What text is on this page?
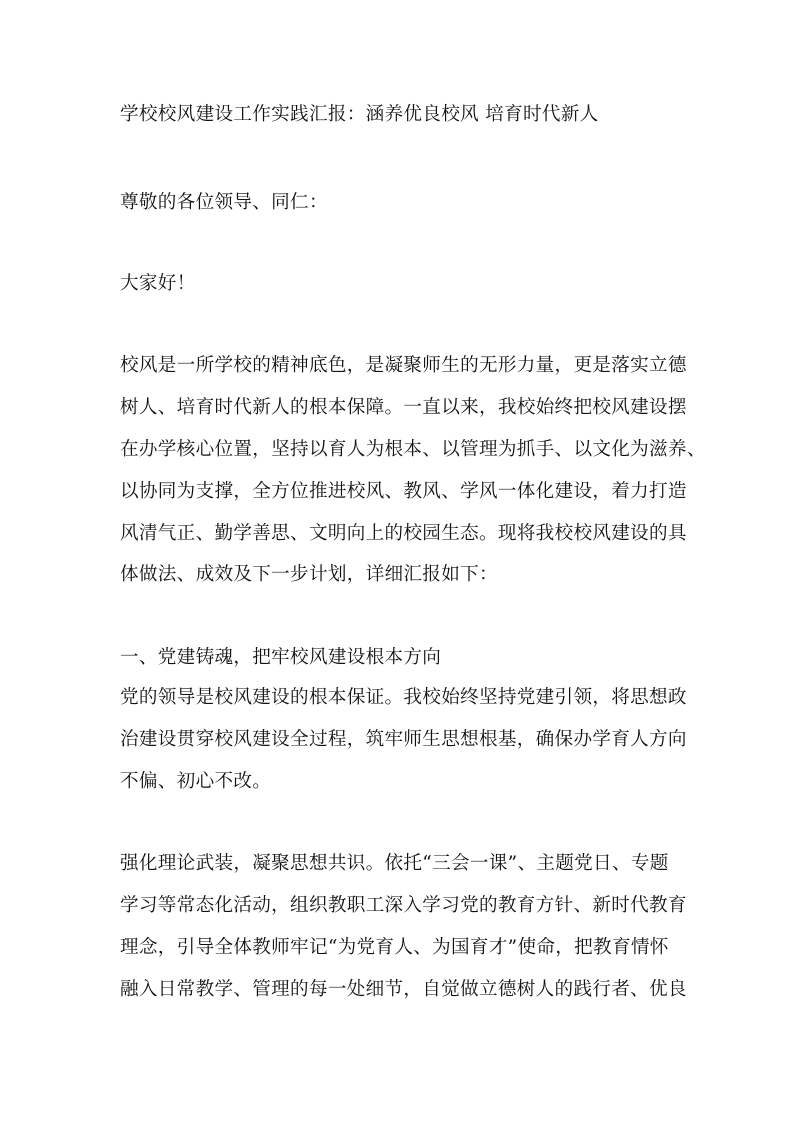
学校校风建设工作实践汇报：涵养优良校风 培育时代新人
尊敬的各位领导、同仁：
大家好！
校风是一所学校的精神底色，是凝聚师生的无形力量，更是落实立德
树人、培育时代新人的根本保障。一直以来，我校始终把校风建设摆
在办学核心位置，坚持以育人为根本、以管理为抓手、以文化为滋养、
以协同为支撑，全方位推进校风、教风、学风一体化建设，着力打造
风清气正、勤学善思、文明向上的校园生态。现将我校校风建设的具
体做法、成效及下一步计划，详细汇报如下：
一、党建铸魂，把牢校风建设根本方向
党的领导是校风建设的根本保证。我校始终坚持党建引领，将思想政
治建设贯穿校风建设全过程，筑牢师生思想根基，确保办学育人方向
不偏、初心不改。
强化理论武装，凝聚思想共识。依托“三会一课”、主题党日、专题
学习等常态化活动，组织教职工深入学习党的教育方针、新时代教育
理念，引导全体教师牢记“为党育人、为国育才”使命，把教育情怀
融入日常教学、管理的每一处细节，自觉做立德树人的践行者、优良
